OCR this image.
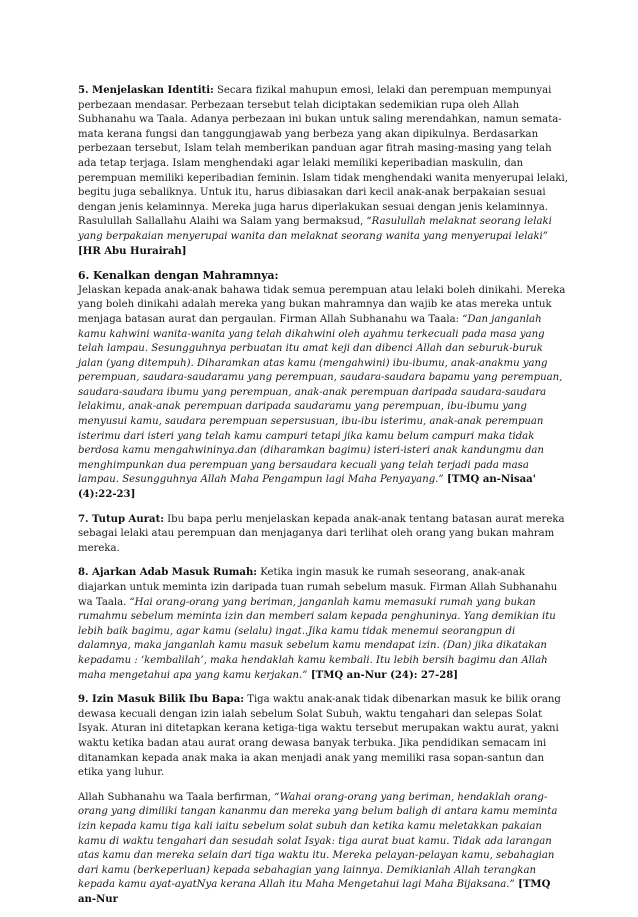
5. Menjelaskan Identiti: Secara fizikal mahupun emosi, lelaki dan perempuan mempunyai perbezaan mendasar. Perbezaan tersebut telah diciptakan sedemikian rupa oleh Allah Subhanahu wa Taala. Adanya perbezaan ini bukan untuk saling merendahkan, namun semata-mata kerana fungsi dan tanggungjawab yang berbeza yang akan dipikulnya. Berdasarkan perbezaan tersebut, Islam telah memberikan panduan agar fitrah masing-masing yang telah ada tetap terjaga. Islam menghendaki agar lelaki memiliki keperibadian maskulin, dan perempuan memiliki keperibadian feminin. Islam tidak menghendaki wanita menyerupai lelaki, begitu juga sebaliknya. Untuk itu, harus dibiasakan dari kecil anak-anak berpakaian sesuai dengan jenis kelaminnya. Mereka juga harus diperlakukan sesuai dengan jenis kelaminnya. Rasulullah Sallallahu Alaihi wa Salam yang bermaksud, “Rasulullah melaknat seorang lelaki yang berpakaian menyerupai wanita dan melaknat seorang wanita yang menyerupai lelaki” [HR Abu Hurairah]

6. Kenalkan dengan Mahramnya:

Jelaskan kepada anak-anak bahawa tidak semua perempuan atau lelaki boleh dinikahi. Mereka yang boleh dinikahi adalah mereka yang bukan mahramnya dan wajib ke atas mereka untuk menjaga batasan aurat dan pergaulan. Firman Allah Subhanahu wa Taala: “Dan janganlah kamu kahwini wanita-wanita yang telah dikahwini oleh ayahmu terkecuali pada masa yang telah lampau. Sesungguhnya perbuatan itu amat keji dan dibenci Allah dan seburuk-buruk jalan (yang ditempuh). Diharamkan atas kamu (mengahwini) ibu-ibumu, anak-anakmu yang perempuan, saudara-saudaramu yang perempuan, saudara-saudara bapamu yang perempuan, saudara-saudara ibumu yang perempuan, anak-anak perempuan daripada saudara-saudara lelakimu, anak-anak perempuan daripada saudaramu yang perempuan, ibu-ibumu yang menyusui kamu, saudara perempuan sepersusuan, ibu-ibu isterimu, anak-anak perempuan isterimu dari isteri yang telah kamu campuri tetapi jika kamu belum campuri maka tidak berdosa kamu mengahwininya.dan (diharamkan bagimu) isteri-isteri anak kandungmu dan menghimpunkan dua perempuan yang bersaudara kecuali yang telah terjadi pada masa lampau. Sesungguhnya Allah Maha Pengampun lagi Maha Penyayang.” [TMQ an-Nisaa' (4):22-23]

7. Tutup Aurat: Ibu bapa perlu menjelaskan kepada anak-anak tentang batasan aurat mereka sebagai lelaki atau perempuan dan menjaganya dari terlihat oleh orang yang bukan mahram mereka.

8. Ajarkan Adab Masuk Rumah: Ketika ingin masuk ke rumah seseorang, anak-anak diajarkan untuk meminta izin daripada tuan rumah sebelum masuk. Firman Allah Subhanahu wa Taala. “Hai orang-orang yang beriman, janganlah kamu memasuki rumah yang bukan rumahmu sebelum meminta izin dan memberi salam kepada penghuninya. Yang demikian itu lebih baik bagimu, agar kamu (selalu) ingat..Jika kamu tidak menemui seorangpun di dalamnya, maka janganlah kamu masuk sebelum kamu mendapat izin. (Dan) jika dikatakan kepadamu : ‘kembalilah’, maka hendaklah kamu kembali. Itu lebih bersih bagimu dan Allah maha mengetahui apa yang kamu kerjakan.” [TMQ an-Nur (24): 27-28]

9. Izin Masuk Bilik Ibu Bapa: Tiga waktu anak-anak tidak dibenarkan masuk ke bilik orang dewasa kecuali dengan izin ialah sebelum Solat Subuh, waktu tengahari dan selepas Solat Isyak. Aturan ini ditetapkan kerana ketiga-tiga waktu tersebut merupakan waktu aurat, yakni waktu ketika badan atau aurat orang dewasa banyak terbuka. Jika pendidikan semacam ini ditanamkan kepada anak maka ia akan menjadi anak yang memiliki rasa sopan-santun dan etika yang luhur.

Allah Subhanahu wa Taala berfirman, “Wahai orang-orang yang beriman, hendaklah orang-orang yang dimiliki tangan kananmu dan mereka yang belum baligh di antara kamu meminta izin kepada kamu tiga kali iaitu sebelum solat subuh dan ketika kamu meletakkan pakaian kamu di waktu tengahari dan sesudah solat Isyak: tiga aurat buat kamu. Tidak ada larangan atas kamu dan mereka selain dari tiga waktu itu. Mereka pelayan-pelayan kamu, sebahagian dari kamu (berkeperluan) kepada sebahagian yang lainnya. Demikianlah Allah terangkan kepada kamu ayat-ayatNya kerana Allah itu Maha Mengetahui lagi Maha Bijaksana.” [TMQ an-Nur
